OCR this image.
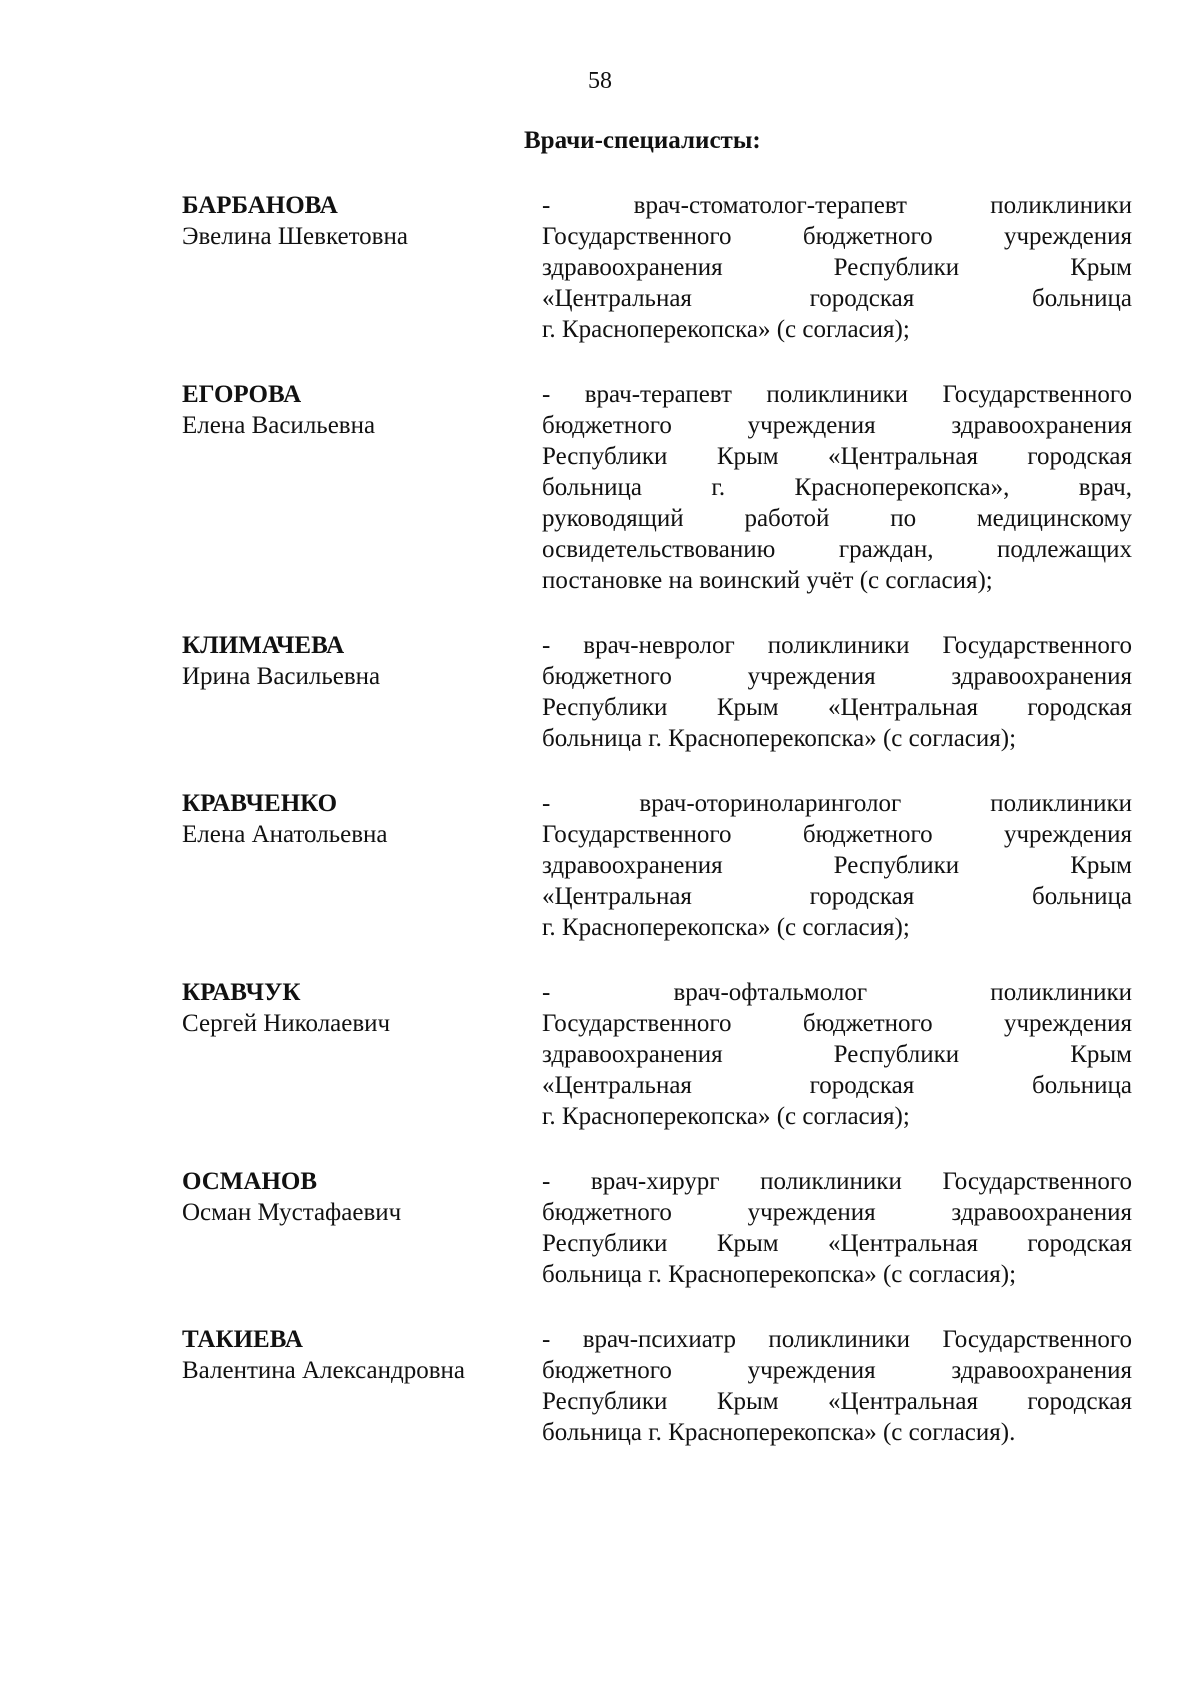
58
Врачи-специалисты:
БАРБАНОВА
Эвелина Шевкетовна
- врач-стоматолог-терапевт поликлиники
Государственного бюджетного учреждения
здравоохранения Республики Крым
«Центральная городская больница
г. Красноперекопска» (с согласия);
ЕГОРОВА
Елена Васильевна
- врач-терапевт поликлиники Государственного
бюджетного учреждения здравоохранения
Республики Крым «Центральная городская
больница г. Красноперекопска», врач,
руководящий работой по медицинскому
освидетельствованию граждан, подлежащих
постановке на воинский учёт (с согласия);
КЛИМАЧЕВА
Ирина Васильевна
- врач-невролог поликлиники Государственного
бюджетного учреждения здравоохранения
Республики Крым «Центральная городская
больница г. Красноперекопска» (с согласия);
КРАВЧЕНКО
Елена Анатольевна
- врач-оториноларинголог поликлиники
Государственного бюджетного учреждения
здравоохранения Республики Крым
«Центральная городская больница
г. Красноперекопска» (с согласия);
КРАВЧУК
Сергей Николаевич
- врач-офтальмолог поликлиники
Государственного бюджетного учреждения
здравоохранения Республики Крым
«Центральная городская больница
г. Красноперекопска» (с согласия);
ОСМАНОВ
Осман Мустафаевич
- врач-хирург поликлиники Государственного
бюджетного учреждения здравоохранения
Республики Крым «Центральная городская
больница г. Красноперекопска» (с согласия);
ТАКИЕВА
Валентина Александровна
- врач-психиатр поликлиники Государственного
бюджетного учреждения здравоохранения
Республики Крым «Центральная городская
больница г. Красноперекопска» (с согласия).
